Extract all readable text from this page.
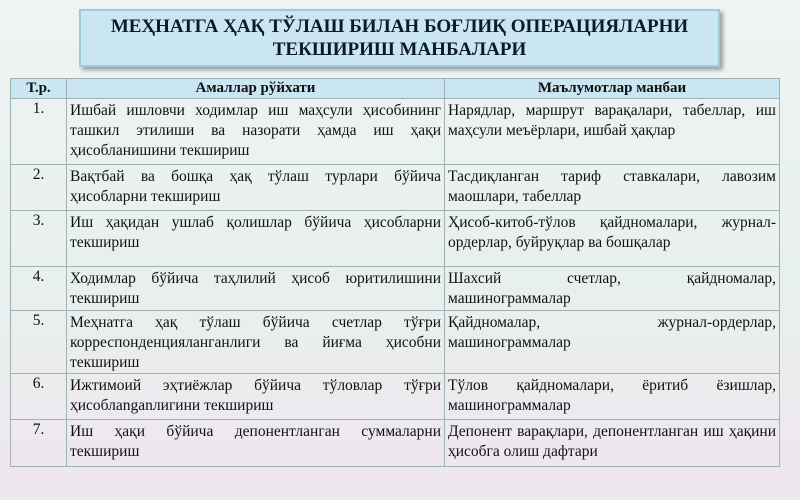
МЕҲНАТГА ҲАҚ ТЎЛАШ БИЛАН БОҒЛИҚ ОПЕРАЦИЯЛАРНИ
ТЕКШИРИШ МАНБАЛАРИ
Т.р.	Амаллар рўйхати	Маълумотлар манбаи
1.	Ишбай ишловчи ходимлар иш маҳсули ҳисобининг ташкил этилиши ва назорати ҳамда иш ҳақи ҳисобланишини текшириш	Нарядлар, маршрут варақалари, табеллар, иш маҳсули меъёрлари, ишбай ҳақлар
2.	Вақтбай ва бошқа ҳақ тўлаш турлари бўйича ҳисобларни текшириш	Тасдиқланган тариф ставкалари, лавозим маошлари, табеллар
3.	Иш ҳақидан ушлаб қолишлар бўйича ҳисобларни текшириш	Ҳисоб-китоб-тўлов қайдномалари, журнал-ордерлар, буйруқлар ва бошқалар
4.	Ходимлар бўйича таҳлилий ҳисоб юритилишини текшириш	Шахсий счетлар, қайдномалар, машинограммалар
5.	Меҳнатга ҳақ тўлаш бўйича счетлар тўғри корреспонденцияланганлиги ва йиғма ҳисобни текшириш	Қайдномалар, журнал-ордерлар, машинограммалар
6.	Ижтимоий эҳтиёжлар бўйича тўловлар тўғри ҳисоблanganлигини текшириш	Тўлов қайдномалари, ёритиб ёзишлар, машинограммалар
7.	Иш ҳақи бўйича депонентланган суммаларни текшириш	Депонент варақлари, депонентланган иш ҳақини ҳисобга олиш дафтари
